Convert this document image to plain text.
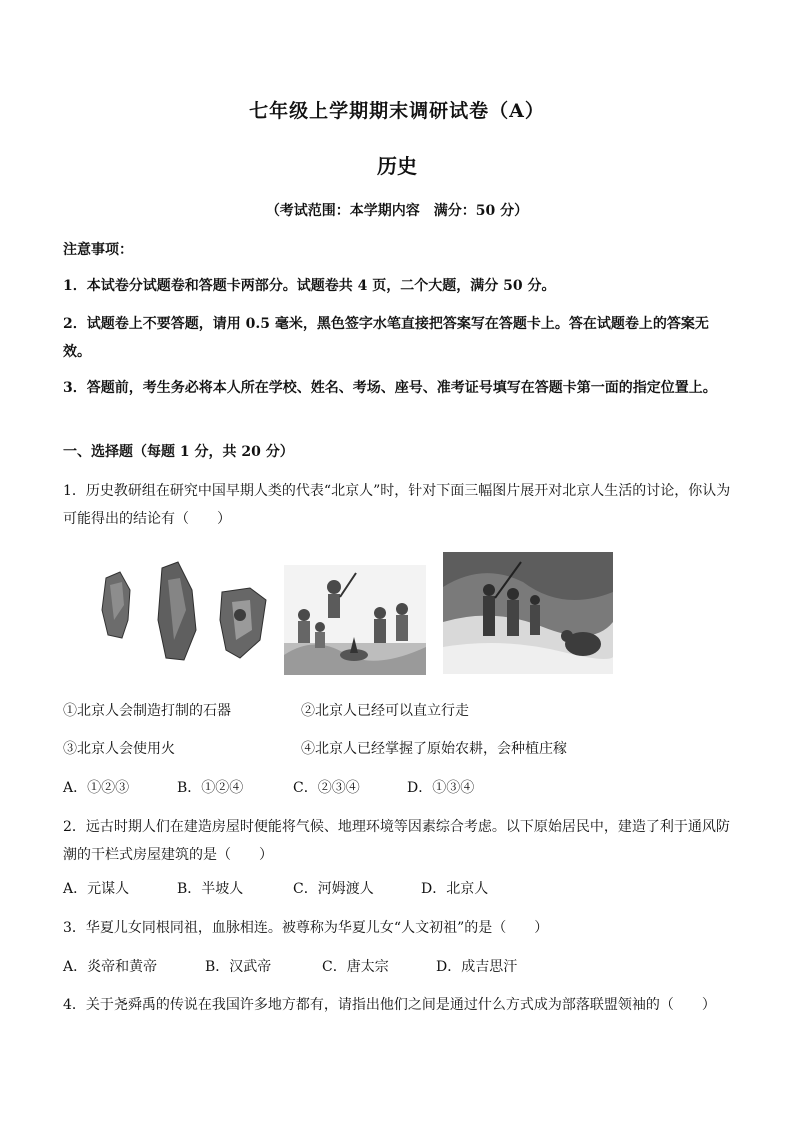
七年级上学期期末调研试卷（A）
历史
（考试范围：本学期内容　满分：50 分）
注意事项：
1．本试卷分试题卷和答题卡两部分。试题卷共 4 页，二个大题，满分 50 分。
2．试题卷上不要答题，请用 0.5 毫米，黑色签字水笔直接把答案写在答题卡上。答在试题卷上的答案无效。
3．答题前，考生务必将本人所在学校、姓名、考场、座号、准考证号填写在答题卡第一面的指定位置上。
一、选择题（每题 1 分，共 20 分）
1．历史教研组在研究中国早期人类的代表“北京人”时，针对下面三幅图片展开对北京人生活的讨论，你认为可能得出的结论有（　　）
①北京人会制造打制的石器	②北京人已经可以直立行走
③北京人会使用火	④北京人已经掌握了原始农耕，会种植庄稼
A．①②③	B．①②④	C．②③④	D．①③④
2．远古时期人们在建造房屋时便能将气候、地理环境等因素综合考虑。以下原始居民中，建造了利于通风防潮的干栏式房屋建筑的是（　　）
A．元谋人	B．半坡人	C．河姆渡人	D．北京人
3．华夏儿女同根同祖，血脉相连。被尊称为华夏儿女“人文初祖”的是（　　）
A．炎帝和黄帝	B．汉武帝	C．唐太宗	D．成吉思汗
4．关于尧舜禹的传说在我国许多地方都有，请指出他们之间是通过什么方式成为部落联盟领袖的（　　）
